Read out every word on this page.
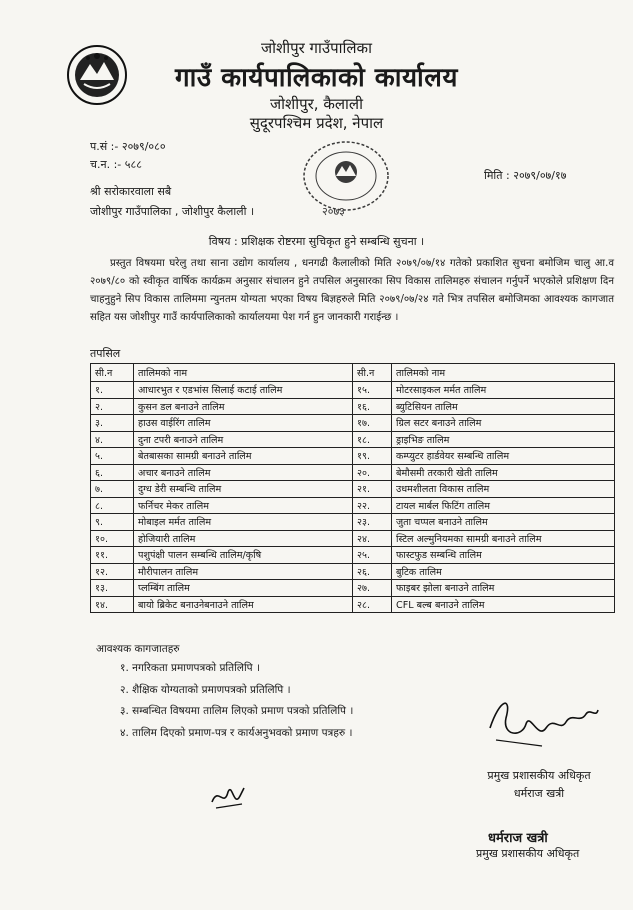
जोशीपुर गाउँपालिका
गाउँ कार्यपालिकाको कार्यालय
जोशीपुर, कैलाली
सुदूरपश्चिम प्रदेश, नेपाल
प.सं :- २०७९/०८०
च.न. :- ५८८
श्री सरोकारवाला सबै
जोशीपुर गाउँपालिका , जोशीपुर कैलाली ।
मिति : २०७९/०७/१७
२०७३
विषय : प्रशिक्षक रोष्टरमा सुचिकृत हुने सम्बन्धि सुचना ।
प्रस्तुत विषयमा घरेलु तथा साना उद्योग कार्यालय , धनगढी कैलालीको मिति २०७९/०७/१४ गतेको प्रकाशित सुचना बमोजिम चालु आ.व २०७९/८० को स्वीकृत वार्षिक कार्यक्रम अनुसार संचालन हुने तपसिल अनुसारका सिप विकास तालिमहरु संचालन गर्नुपर्ने भएकोले प्रशिक्षण दिन चाहनुहुने सिप विकास तालिममा न्युनतम योग्यता भएका विषय बिज्ञहरुले मिति २०७९/०७/२४ गते भित्र तपसिल बमोजिमका आवश्यक कागजात सहित यस जोशीपुर गाउँ कार्यपालिकाको कार्यालयमा पेश गर्न हुन जानकारी गराईन्छ ।
तपसिल
सी.न	तालिमको नाम	सी.न	तालिमको नाम
१.	आधारभुत र एडभांस सिलाई कटाई तालिम	१५.	मोटरसाइकल मर्मत तालिम
२.	कुसन डल बनाउने तालिम	१६.	ब्युटिसियन तालिम
३.	हाउस वाईरिंग तालिम	१७.	ग्रिल सटर बनाउने तालिम
४.	दुना टपरी बनाउने तालिम	१८.	ड्राइभिङ तालिम
५.	बेतबासका सामग्री बनाउने तालिम	१९.	कम्प्युटर हार्डवेयर सम्बन्धि तालिम
६.	अचार बनाउने तालिम	२०.	बेमौसमी तरकारी खेती तालिम
७.	दुग्ध डेरी सम्बन्धि तालिम	२१.	उधमशीलता विकास तालिम
८.	फर्निचर मेकर तालिम	२२.	टायल मार्बल फिटिंग तालिम
९.	मोबाइल मर्मत तालिम	२३.	जुता चप्पल बनाउने तालिम
१०.	होजियारी तालिम	२४.	स्टिल अल्मुनियमका सामग्री बनाउने तालिम
११.	पशुपंक्षी पालन सम्बन्धि तालिम/कृषि	२५.	फास्टफुड सम्बन्धि तालिम
१२.	मौरीपालन तालिम	२६.	बुटिक तालिम
१३.	प्लम्बिंग तालिम	२७.	फाइबर झोला बनाउने तालिम
१४.	बायो ब्रिकेट बनाउनेबनाउने तालिम	२८.	CFL बल्ब बनाउने तालिम
आवश्यक कागजातहरु
१. नगरिकता प्रमाणपत्रको प्रतिलिपि ।
२. शैक्षिक योग्यताको प्रमाणपत्रको प्रतिलिपि ।
३. सम्बन्धित विषयमा तालिम लिएको प्रमाण पत्रको प्रतिलिपि ।
४. तालिम दिएको प्रमाण-पत्र र कार्यअनुभवको प्रमाण पत्रहरु ।
प्रमुख प्रशासकीय अधिकृत
धर्मराज खत्री
धर्मराज खत्री
प्रमुख प्रशासकीय अधिकृत
